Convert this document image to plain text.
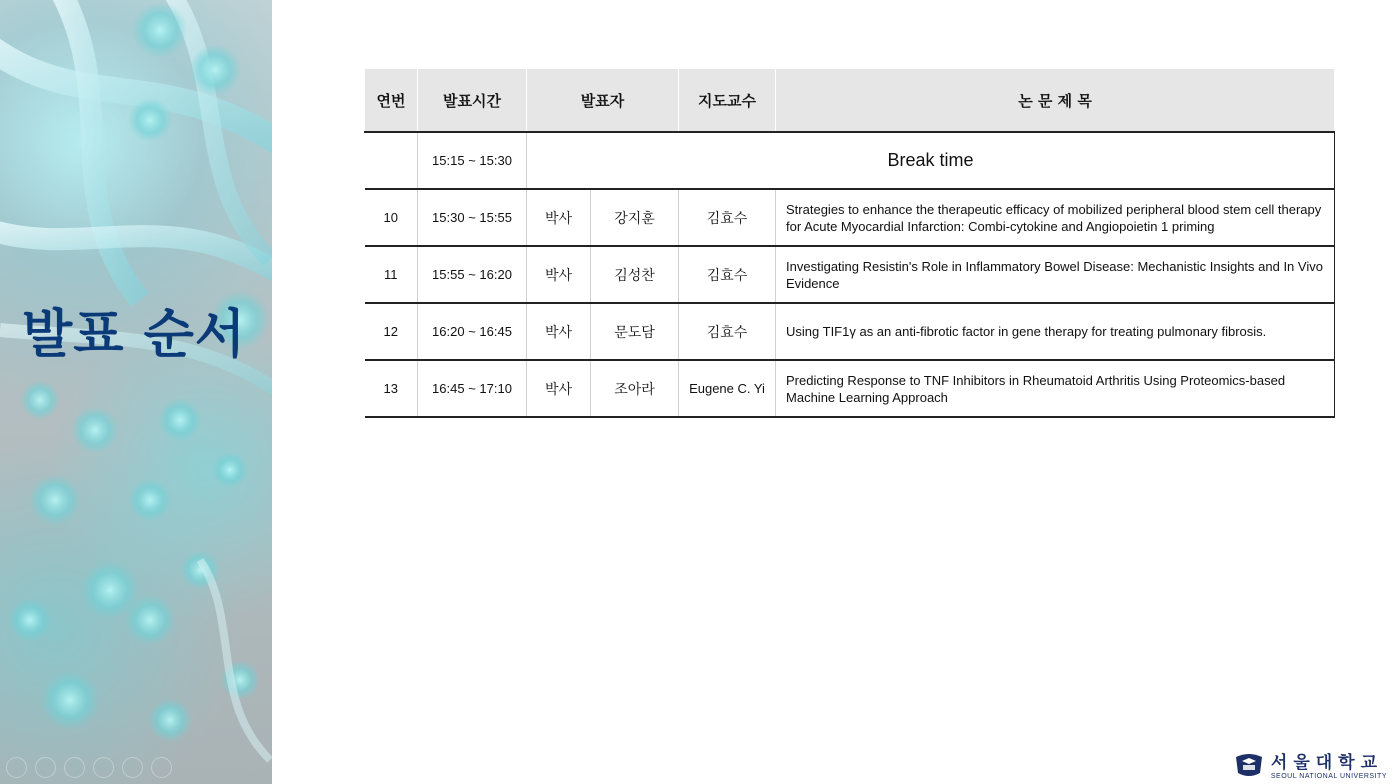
발표 순서
연번	발표시간	발표자		지도교수	논 문 제 목
	15:15 ~ 15:30	Break time			
10	15:30 ~ 15:55	박사	강지훈	김효수	Strategies to enhance the therapeutic efficacy of mobilized peripheral blood stem cell therapy for Acute Myocardial Infarction: Combi-cytokine and Angiopoietin 1 priming
11	15:55 ~ 16:20	박사	김성찬	김효수	Investigating Resistin's Role in Inflammatory Bowel Disease: Mechanistic Insights and In Vivo Evidence
12	16:20 ~ 16:45	박사	문도담	김효수	Using TIF1γ as an anti-fibrotic factor in gene therapy for treating pulmonary fibrosis.
13	16:45 ~ 17:10	박사	조아라	Eugene C. Yi	Predicting Response to TNF Inhibitors in Rheumatoid Arthritis Using Proteomics-based Machine Learning Approach
서울대학교
SEOUL NATIONAL UNIVERSITY
